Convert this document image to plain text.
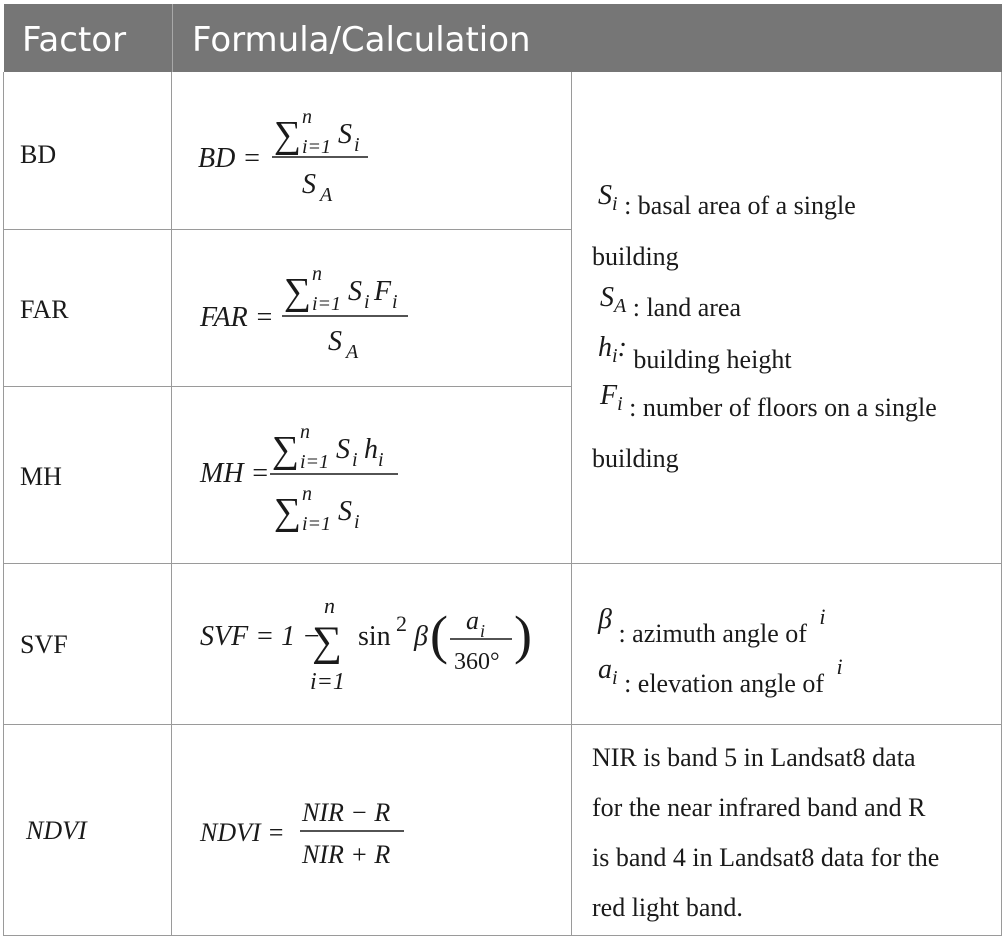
Factor Formula/Calculation
BD
FAR
MH
SVF
NDVI
BD =
∑ n
i=1 S i
S A
FAR =
∑ n
i=1 S i F i
S A
MH =
∑ n
i=1 S i h i
∑ n
i=1 S i
SVF = 1 −
n
∑
i=1
sin 2 β ( a i
360° )
NDVI =
NIR − R
NIR + R
$S_i$ : basal area of a single
building
$S_A$ : land area
$h_i$: building height
$F_i$ : number of floors on a single
building
β : azimuth angle of i
$a_i$ : elevation angle of i
NIR is band 5 in Landsat8 data
for the near infrared band and R
is band 4 in Landsat8 data for the
red light band.
